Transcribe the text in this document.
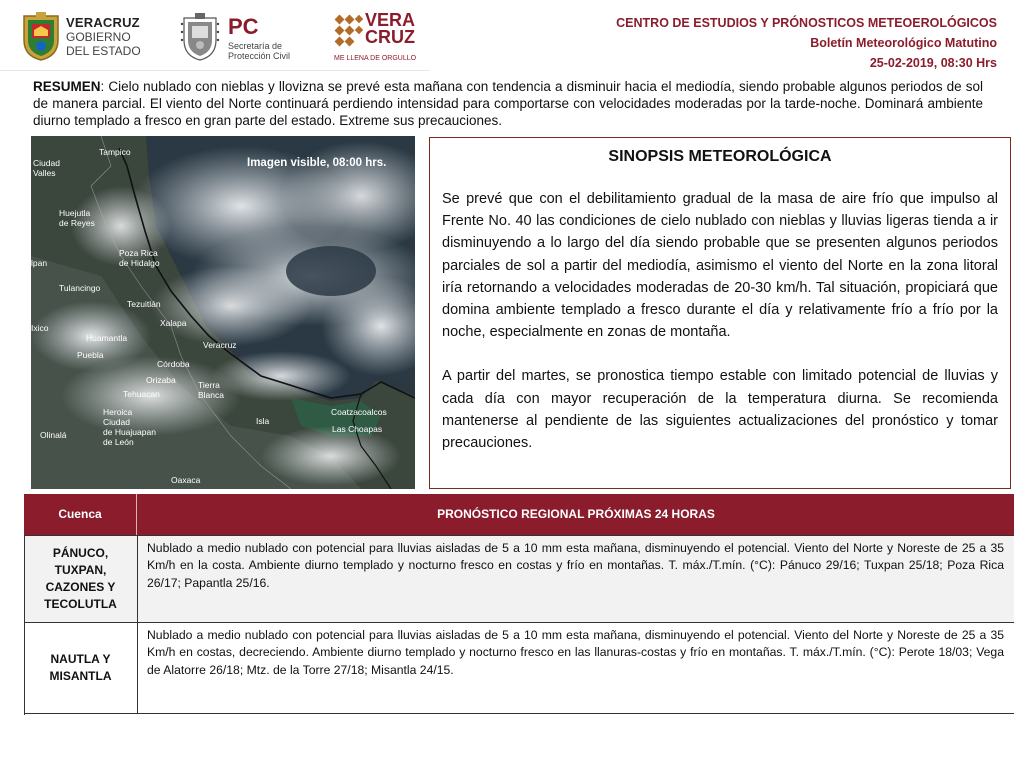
VERACRUZ
GOBIERNO
DEL ESTADO
PC
Secretaría de
Protección Civil
VERA
CRUZ
ME LLENA DE ORGULLO
CENTRO DE ESTUDIOS Y PRÓNOSTICOS METEOEROLÓGICOS
Boletín Meteorológico Matutino
25-02-2019, 08:30 Hrs
RESUMEN: Cielo nublado con nieblas y llovizna se prevé esta mañana con tendencia a disminuir hacia el mediodía, siendo probable algunos periodos de sol de manera parcial. El viento del Norte continuará perdiendo intensidad para comportarse con velocidades moderadas por la tarde-noche. Dominará ambiente diurno templado a fresco en gran parte del estado. Extreme sus precauciones.
Imagen visible, 08:00 hrs.
Tampico
Huejutla
de Reyes
Ciudad
Valles
Poza Rica
de Hidalgo
Tulancingo
Tezuitlán
Xalapa
Huamantla
Puebla
Veracruz
Córdoba
Orizaba
Tehuacan
Tierra
Blanca
Heroica
Ciudad
de Huajuapan
de León
Isla
Coatzacoalcos
Las Choapas
Oaxaca
Olinalá
Ixico
lpan
SINOPSIS METEOROLÓGICA

Se prevé que con el debilitamiento gradual de la masa de aire frío que impulso al Frente No. 40 las condiciones de cielo nublado con nieblas y lluvias ligeras tienda a ir disminuyendo a lo largo del día siendo probable que se presenten algunos periodos parciales de sol a partir del mediodía, asimismo el viento del Norte en la zona litoral iría retornando a velocidades moderadas de 20-30 km/h. Tal situación, propiciará que domina ambiente templado a fresco durante el día y relativamente frío a frío por la noche, especialmente en zonas de montaña.

A partir del martes, se pronostica tiempo estable con limitado potencial de lluvias y cada día con mayor recuperación de la temperatura diurna. Se recomienda mantenerse al pendiente de las siguientes actualizaciones del pronóstico y tomar precauciones.

Cuenca	PRONÓSTICO REGIONAL PRÓXIMAS 24 HORAS
PÁNUCO,
TUXPAN,
CAZONES Y
TECOLUTLA
Nublado a medio nublado con potencial para lluvias aisladas de 5 a 10 mm esta mañana, disminuyendo el potencial. Viento del Norte y Noreste de 25 a 35 Km/h en la costa. Ambiente diurno templado y nocturno fresco en costas y frío en montañas. T. máx./T.mín. (°C): Pánuco 29/16; Tuxpan 25/18; Poza Rica 26/17; Papantla 25/16.
NAUTLA Y
MISANTLA
Nublado a medio nublado con potencial para lluvias aisladas de 5 a 10 mm esta mañana, disminuyendo el potencial. Viento del Norte y Noreste de 25 a 35 Km/h en costas, decreciendo. Ambiente diurno templado y nocturno fresco en las llanuras-costas y frío en montañas. T. máx./T.mín. (°C): Perote 18/03; Vega de Alatorre 26/18; Mtz. de la Torre 27/18; Misantla 24/15.
